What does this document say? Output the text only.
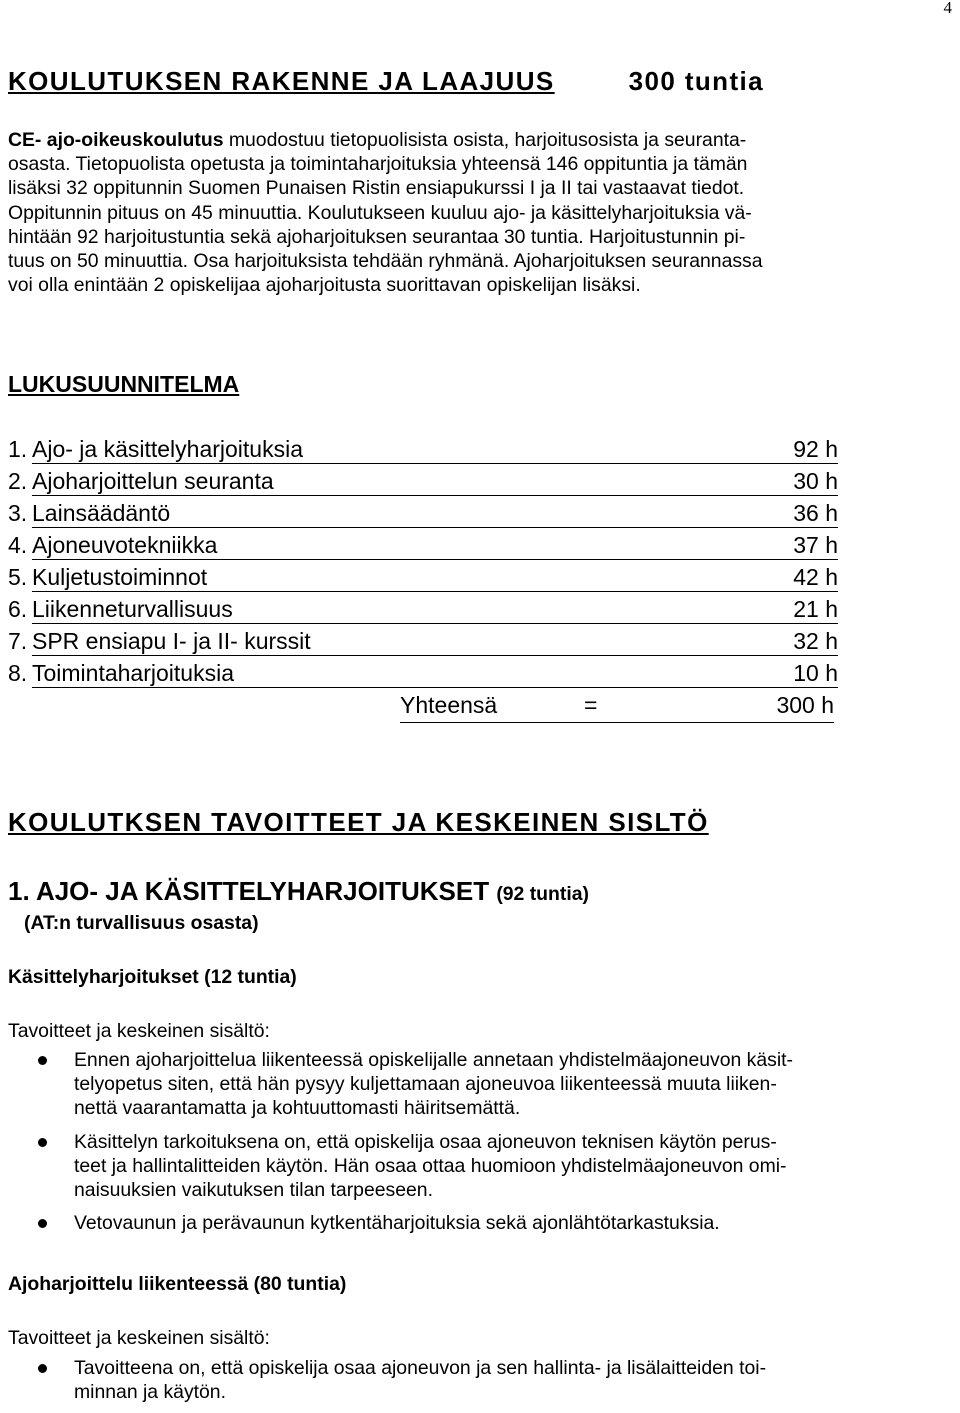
4
KOULUTUKSEN RAKENNE JA LAAJUUS	300 tuntia
CE- ajo-oikeuskoulutus muodostuu tietopuolisista osista, harjoitusosista ja seuranta-
osasta. Tietopuolista opetusta ja toimintaharjoituksia yhteensä 146 oppituntia ja tämän
lisäksi 32 oppitunnin Suomen Punaisen Ristin ensiapukurssi I ja II tai vastaavat tiedot.
Oppitunnin pituus on 45 minuuttia. Koulutukseen kuuluu ajo- ja käsittelyharjoituksia vä-
hintään 92 harjoitustuntia sekä ajoharjoituksen seurantaa 30 tuntia. Harjoitustunnin pi-
tuus on 50 minuuttia. Osa harjoituksista tehdään ryhmänä. Ajoharjoituksen seurannassa
voi olla enintään 2 opiskelijaa ajoharjoitusta suorittavan opiskelijan lisäksi.
LUKUSUUNNITELMA
1. Ajo- ja käsittelyharjoituksia	92 h
2. Ajoharjoittelun seuranta	30 h
3. Lainsäädäntö	36 h
4. Ajoneuvotekniikka	37 h
5. Kuljetustoiminnot	42 h
6. Liikenneturvallisuus	21 h
7. SPR ensiapu I- ja II- kurssit	32 h
8. Toimintaharjoituksia	10 h
Yhteensä	=	300 h
KOULUTKSEN TAVOITTEET JA KESKEINEN SISLTÖ
1. AJO- JA KÄSITTELYHARJOITUKSET (92 tuntia)
(AT:n turvallisuus osasta)
Käsittelyharjoitukset (12 tuntia)
Tavoitteet ja keskeinen sisältö:
Ennen ajoharjoittelua liikenteessä opiskelijalle annetaan yhdistelmäajoneuvon käsit-
telyopetus siten, että hän pysyy kuljettamaan ajoneuvoa liikenteessä muuta liiken-
nettä vaarantamatta ja kohtuuttomasti häiritsemättä.
Käsittelyn tarkoituksena on, että opiskelija osaa ajoneuvon teknisen käytön perus-
teet ja hallintalitteiden käytön. Hän osaa ottaa huomioon yhdistelmäajoneuvon omi-
naisuuksien vaikutuksen tilan tarpeeseen.
Vetovaunun ja perävaunun kytkentäharjoituksia sekä ajonlähtötarkastuksia.
Ajoharjoittelu liikenteessä (80 tuntia)
Tavoitteet ja keskeinen sisältö:
Tavoitteena on, että opiskelija osaa ajoneuvon ja sen hallinta- ja lisälaitteiden toi-
minnan ja käytön.
